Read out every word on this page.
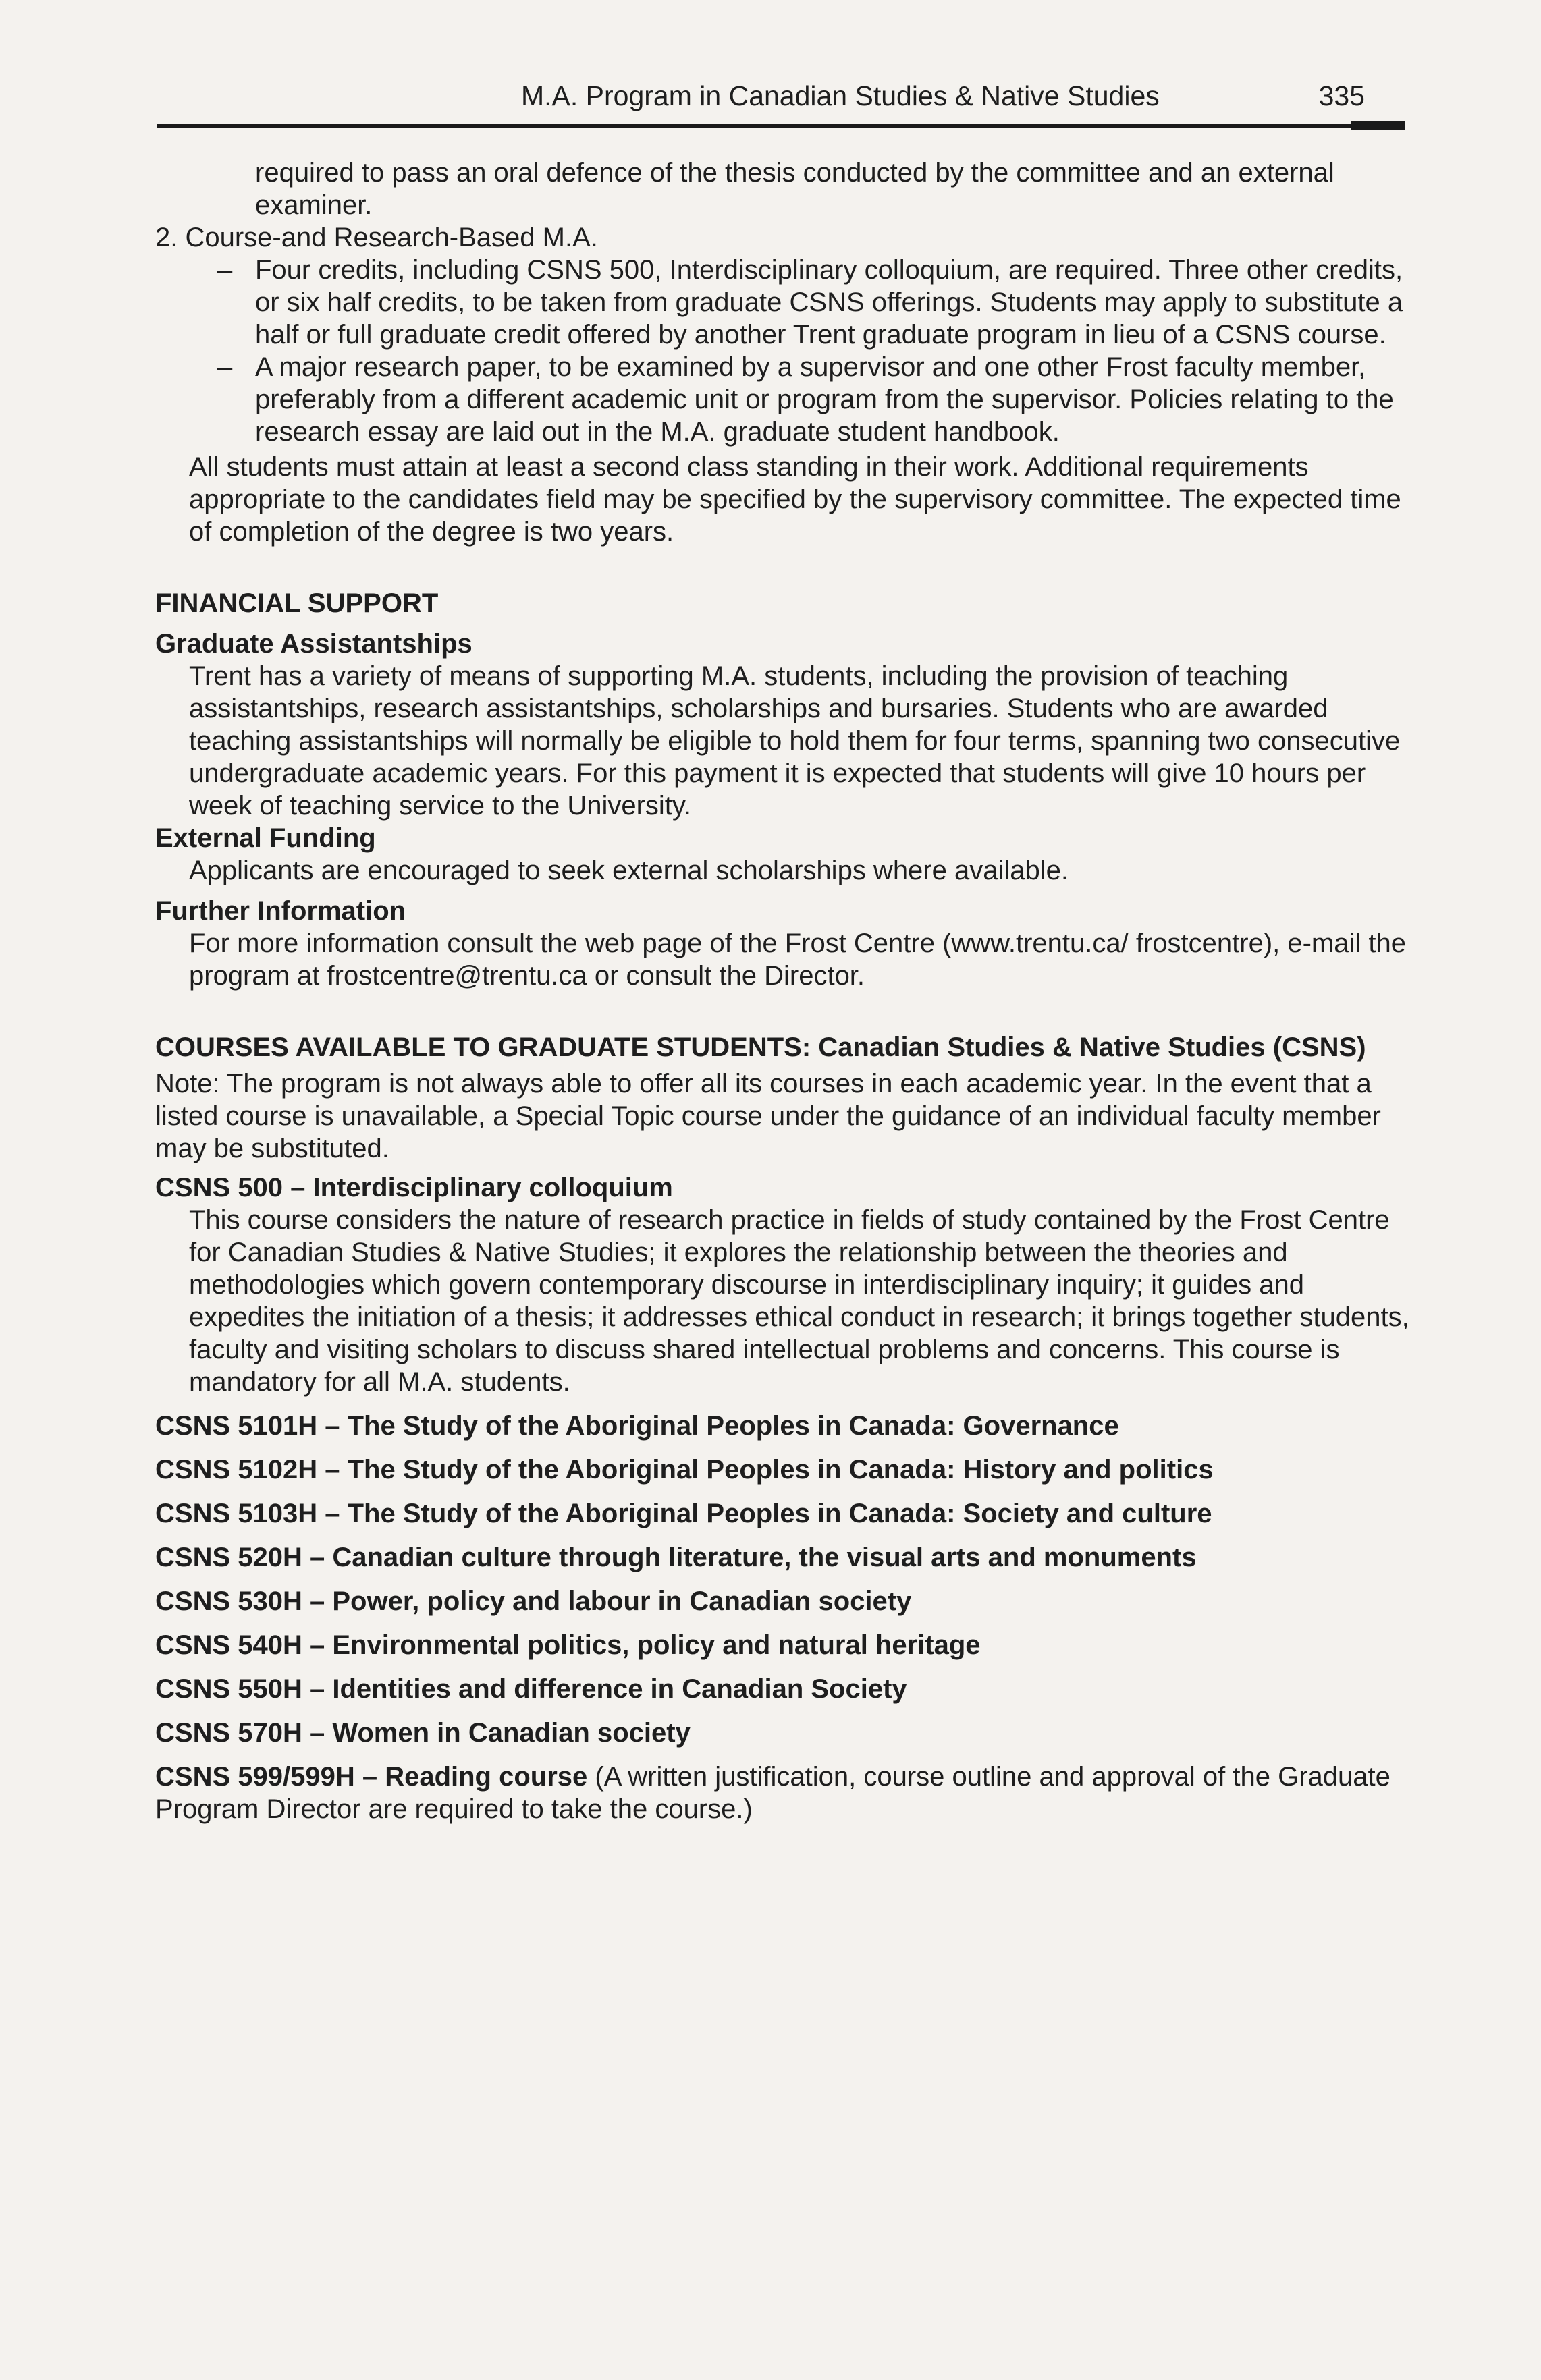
M.A. Program in Canadian Studies & Native Studies	335

required to pass an oral defence of the thesis conducted by the committee and an external examiner.

2. Course-and Research-Based M.A.

– Four credits, including CSNS 500, Interdisciplinary colloquium, are required. Three other credits, or six half credits, to be taken from graduate CSNS offerings. Students may apply to substitute a half or full graduate credit offered by another Trent graduate program in lieu of a CSNS course.
– A major research paper, to be examined by a supervisor and one other Frost faculty member, preferably from a different academic unit or program from the supervisor. Policies relating to the research essay are laid out in the M.A. graduate student handbook.

All students must attain at least a second class standing in their work. Additional requirements appropriate to the candidates field may be specified by the supervisory committee. The expected time of completion of the degree is two years.

FINANCIAL SUPPORT

Graduate Assistantships

Trent has a variety of means of supporting M.A. students, including the provision of teaching assistantships, research assistantships, scholarships and bursaries. Students who are awarded teaching assistantships will normally be eligible to hold them for four terms, spanning two consecutive undergraduate academic years. For this payment it is expected that students will give 10 hours per week of teaching service to the University.

External Funding

Applicants are encouraged to seek external scholarships where available.

Further Information

For more information consult the web page of the Frost Centre (www.trentu.ca/ frostcentre), e-mail the program at frostcentre@trentu.ca or consult the Director.

COURSES AVAILABLE TO GRADUATE STUDENTS: Canadian Studies & Native Studies (CSNS)

Note: The program is not always able to offer all its courses in each academic year. In the event that a listed course is unavailable, a Special Topic course under the guidance of an individual faculty member may be substituted.

CSNS 500 – Interdisciplinary colloquium

This course considers the nature of research practice in fields of study contained by the Frost Centre for Canadian Studies & Native Studies; it explores the relationship between the theories and methodologies which govern contemporary discourse in interdisciplinary inquiry; it guides and expedites the initiation of a thesis; it addresses ethical conduct in research; it brings together students, faculty and visiting scholars to discuss shared intellectual problems and concerns. This course is mandatory for all M.A. students.

CSNS 5101H – The Study of the Aboriginal Peoples in Canada: Governance

CSNS 5102H – The Study of the Aboriginal Peoples in Canada: History and politics

CSNS 5103H – The Study of the Aboriginal Peoples in Canada: Society and culture

CSNS 520H – Canadian culture through literature, the visual arts and monuments

CSNS 530H – Power, policy and labour in Canadian society

CSNS 540H – Environmental politics, policy and natural heritage

CSNS 550H – Identities and difference in Canadian Society

CSNS 570H – Women in Canadian society

CSNS 599/599H – Reading course (A written justification, course outline and approval of the Graduate Program Director are required to take the course.)
